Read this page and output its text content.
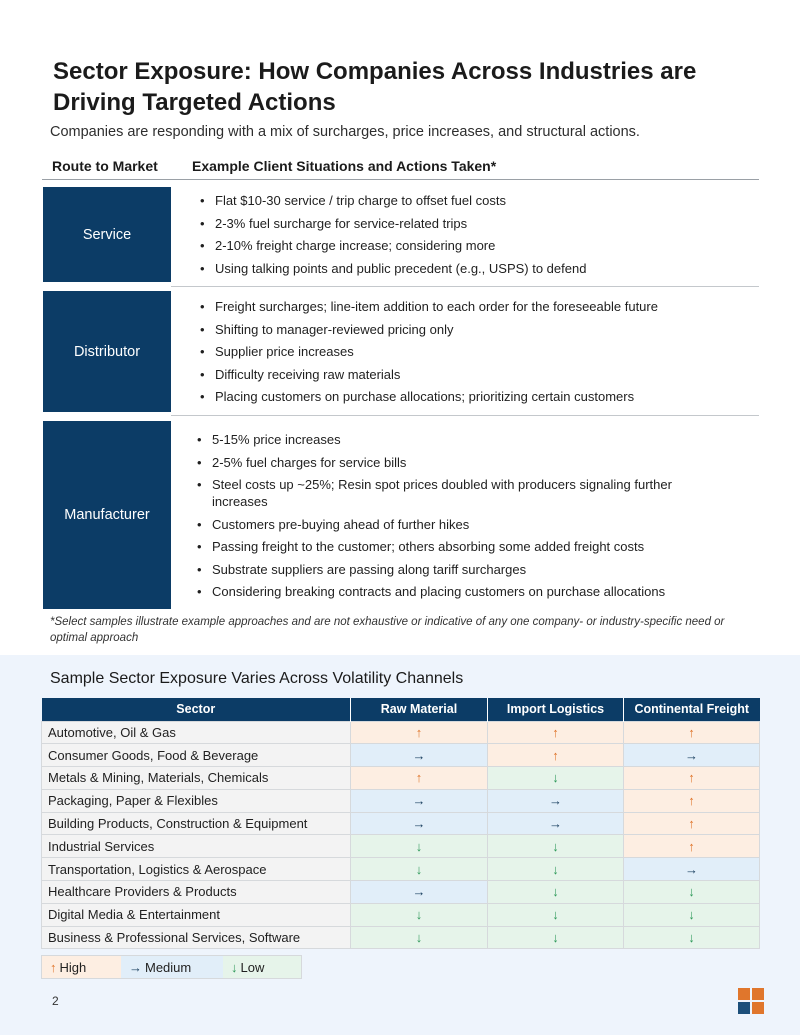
Sector Exposure: How Companies Across Industries are Driving Targeted Actions
Companies are responding with a mix of surcharges, price increases, and structural actions.
Route to Market Example Client Situations and Actions Taken*
Service
• Flat $10-30 service / trip charge to offset fuel costs
• 2-3% fuel surcharge for service-related trips
• 2-10% freight charge increase; considering more
• Using talking points and public precedent (e.g., USPS) to defend
Distributor
• Freight surcharges; line-item addition to each order for the foreseeable future
• Shifting to manager-reviewed pricing only
• Supplier price increases
• Difficulty receiving raw materials
• Placing customers on purchase allocations; prioritizing certain customers
Manufacturer
• 5-15% price increases
• 2-5% fuel charges for service bills
• Steel costs up ~25%; Resin spot prices doubled with producers signaling further increases
• Customers pre-buying ahead of further hikes
• Passing freight to the customer; others absorbing some added freight costs
• Substrate suppliers are passing along tariff surcharges
• Considering breaking contracts and placing customers on purchase allocations
*Select samples illustrate example approaches and are not exhaustive or indicative of any one company- or industry-specific need or optimal approach
Sample Sector Exposure Varies Across Volatility Channels
Sector	Raw Material	Import Logistics	Continental Freight
Automotive, Oil & Gas	↑	↑	↑
Consumer Goods, Food & Beverage	→	↑	→
Metals & Mining, Materials, Chemicals	↑	↓	↑
Packaging, Paper & Flexibles	→	→	↑
Building Products, Construction & Equipment	→	→	↑
Industrial Services	↓	↓	↑
Transportation, Logistics & Aerospace	↓	↓	→
Healthcare Providers & Products	→	↓	↓
Digital Media & Entertainment	↓	↓	↓
Business & Professional Services, Software	↓	↓	↓
↑ High	→ Medium	↓ Low
2
